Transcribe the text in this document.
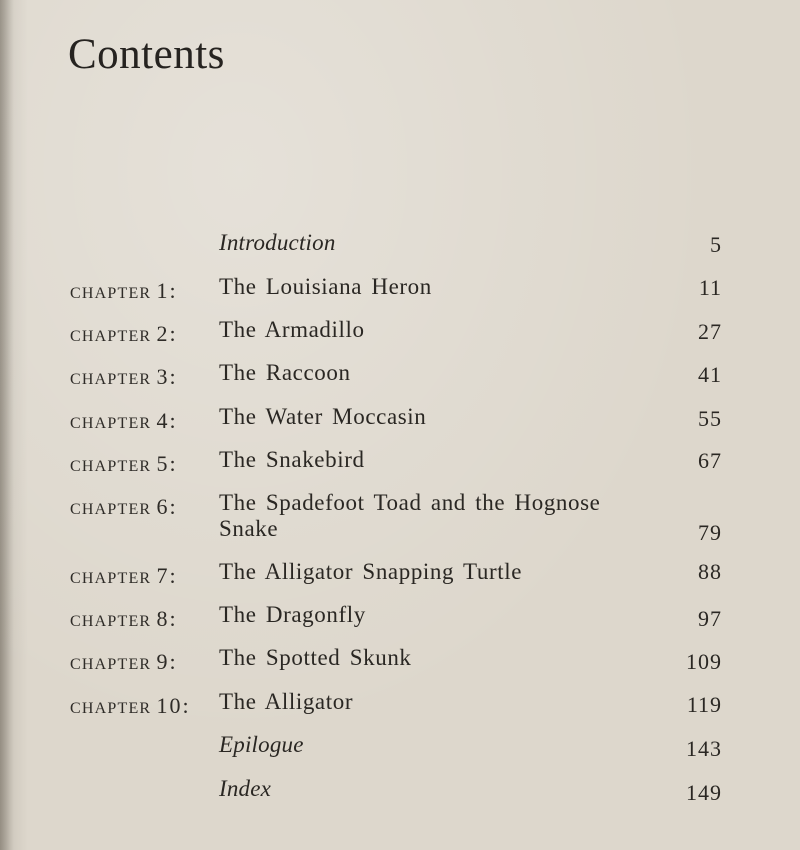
Contents
Introduction	5
CHAPTER 1: The Louisiana Heron	11
CHAPTER 2: The Armadillo	27
CHAPTER 3: The Raccoon	41
CHAPTER 4: The Water Moccasin	55
CHAPTER 5: The Snakebird	67
CHAPTER 6: The Spadefoot Toad and the Hognose Snake	79
CHAPTER 7: The Alligator Snapping Turtle	88
CHAPTER 8: The Dragonfly	97
CHAPTER 9: The Spotted Skunk	109
CHAPTER 10: The Alligator	119
Epilogue	143
Index	149
